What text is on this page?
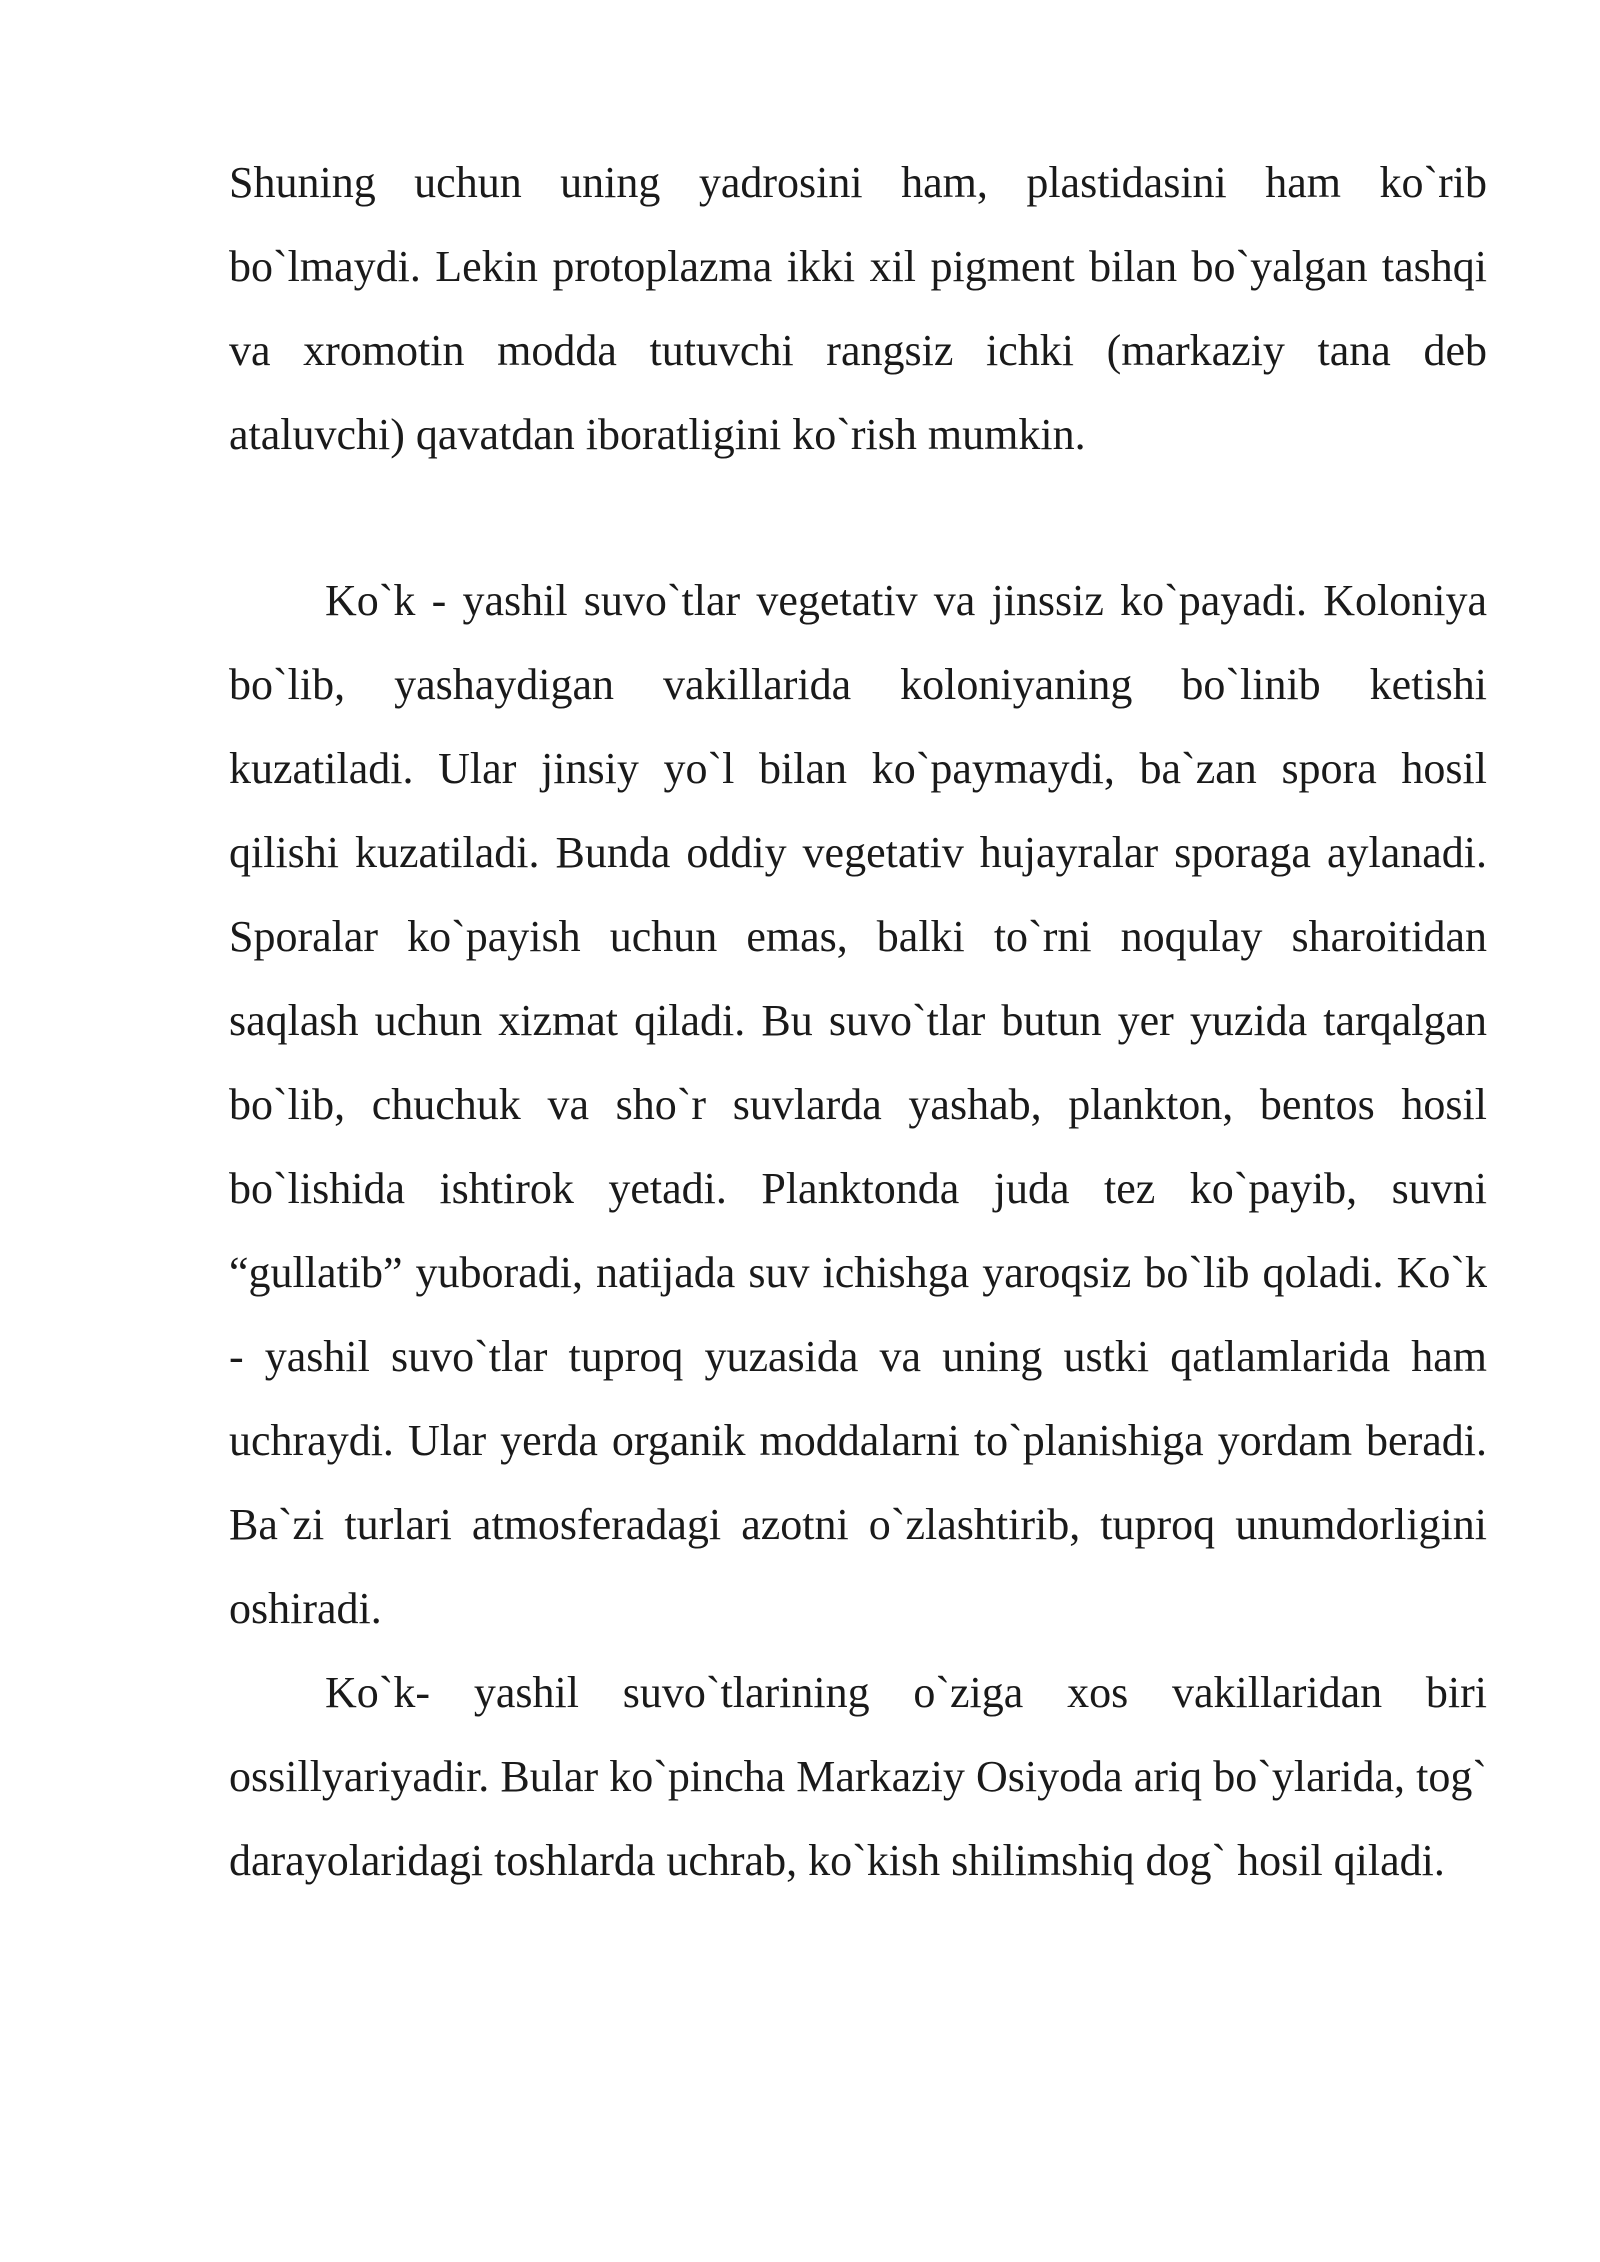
Shuning uchun uning yadrosini ham, plastidasini ham ko`rib bo`lmaydi. Lekin protoplazma ikki xil pigment bilan bo`yalgan tashqi va xromotin modda tutuvchi rangsiz ichki (markaziy tana deb ataluvchi) qavatdan iboratligini ko`rish mumkin.

Ko`k - yashil suvo`tlar vegetativ va jinssiz ko`payadi. Koloniya bo`lib, yashaydigan vakillarida koloniyaning bo`linib ketishi kuzatiladi. Ular jinsiy yo`l bilan ko`paymaydi, ba`zan spora hosil qilishi kuzatiladi. Bunda oddiy vegetativ hujayralar sporaga aylanadi. Sporalar ko`payish uchun emas, balki to`rni noqulay sharoitidan saqlash uchun xizmat qiladi. Bu suvo`tlar butun yer yuzida tarqalgan bo`lib, chuchuk va sho`r suvlarda yashab, plankton, bentos hosil bo`lishida ishtirok yetadi. Planktonda juda tez ko`payib, suvni “gullatib” yuboradi, natijada suv ichishga yaroqsiz bo`lib qoladi. Ko`k - yashil suvo`tlar tuproq yuzasida va uning ustki qatlamlarida ham uchraydi. Ular yerda organik moddalarni to`planishiga yordam beradi. Ba`zi turlari atmosferadagi azotni o`zlashtirib, tuproq unumdorligini oshiradi.

Ko`k- yashil suvo`tlarining o`ziga xos vakillaridan biri ossillyariyadir. Bular ko`pincha Markaziy Osiyoda ariq bo`ylarida, tog` darayolaridagi toshlarda uchrab, ko`kish shilimshiq dog` hosil qiladi.
